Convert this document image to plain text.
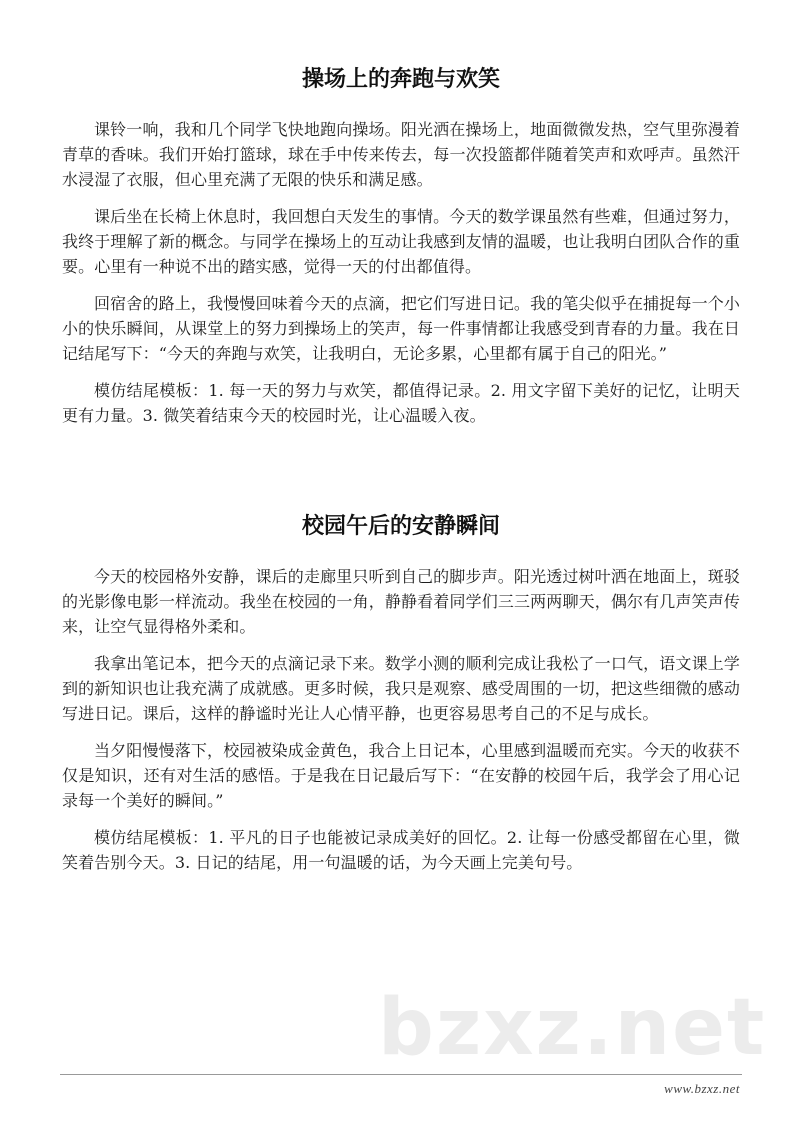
操场上的奔跑与欢笑

课铃一响，我和几个同学飞快地跑向操场。阳光洒在操场上，地面微微发热，空气里弥漫着青草的香味。我们开始打篮球，球在手中传来传去，每一次投篮都伴随着笑声和欢呼声。虽然汗水浸湿了衣服，但心里充满了无限的快乐和满足感。

课后坐在长椅上休息时，我回想白天发生的事情。今天的数学课虽然有些难，但通过努力，我终于理解了新的概念。与同学在操场上的互动让我感到友情的温暖，也让我明白团队合作的重要。心里有一种说不出的踏实感，觉得一天的付出都值得。

回宿舍的路上，我慢慢回味着今天的点滴，把它们写进日记。我的笔尖似乎在捕捉每一个小小的快乐瞬间，从课堂上的努力到操场上的笑声，每一件事情都让我感受到青春的力量。我在日记结尾写下：“今天的奔跑与欢笑，让我明白，无论多累，心里都有属于自己的阳光。”

模仿结尾模板：1. 每一天的努力与欢笑，都值得记录。2. 用文字留下美好的记忆，让明天更有力量。3. 微笑着结束今天的校园时光，让心温暖入夜。

校园午后的安静瞬间

今天的校园格外安静，课后的走廊里只听到自己的脚步声。阳光透过树叶洒在地面上，斑驳的光影像电影一样流动。我坐在校园的一角，静静看着同学们三三两两聊天，偶尔有几声笑声传来，让空气显得格外柔和。

我拿出笔记本，把今天的点滴记录下来。数学小测的顺利完成让我松了一口气，语文课上学到的新知识也让我充满了成就感。更多时候，我只是观察、感受周围的一切，把这些细微的感动写进日记。课后，这样的静谧时光让人心情平静，也更容易思考自己的不足与成长。

当夕阳慢慢落下，校园被染成金黄色，我合上日记本，心里感到温暖而充实。今天的收获不仅是知识，还有对生活的感悟。于是我在日记最后写下：“在安静的校园午后，我学会了用心记录每一个美好的瞬间。”

模仿结尾模板：1. 平凡的日子也能被记录成美好的回忆。2. 让每一份感受都留在心里，微笑着告别今天。3. 日记的结尾，用一句温暖的话，为今天画上完美句号。

bzxz.net
www.bzxz.net
